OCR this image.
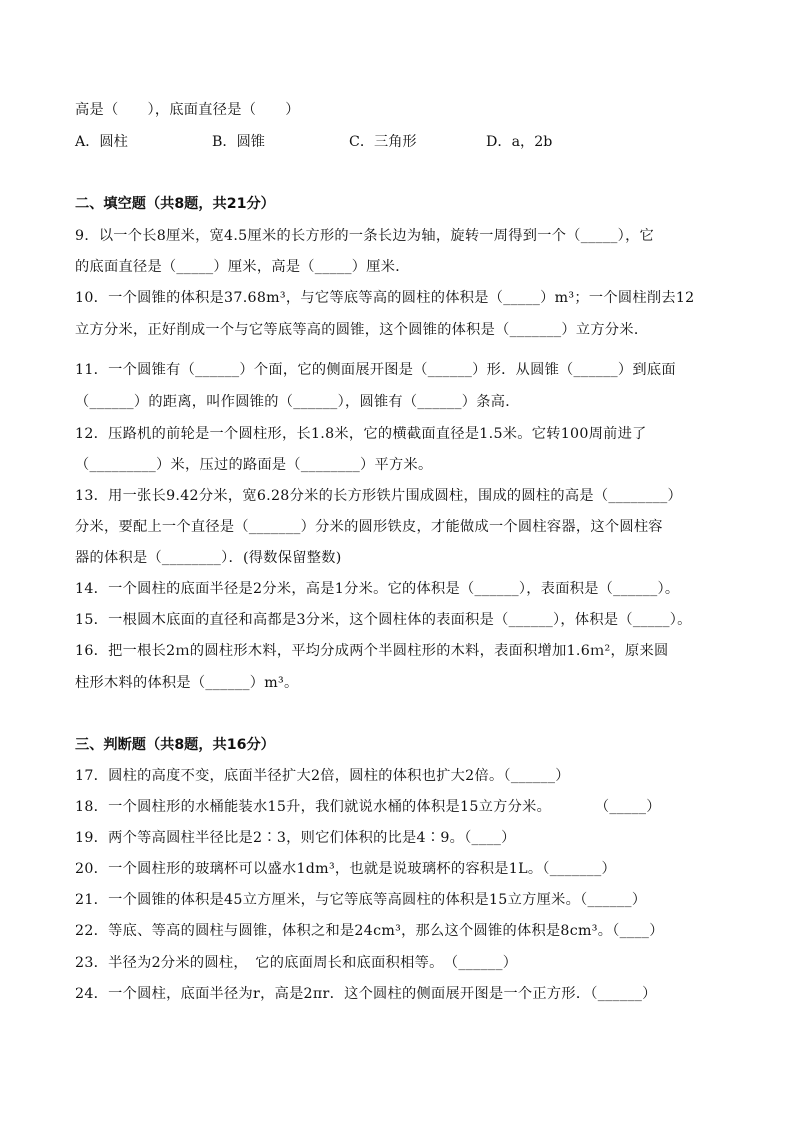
高是（　　），底面直径是（　　）
A．圆柱	B．圆锥	C．三角形	D．a，2b
二、填空题（共8题，共21分）
9．以一个长8厘米，宽4.5厘米的长方形的一条长边为轴，旋转一周得到一个（_____），它
的底面直径是（_____）厘米，高是（_____）厘米．
10．一个圆锥的体积是37.68m³，与它等底等高的圆柱的体积是（_____）m³；一个圆柱削去12
立方分米，正好削成一个与它等底等高的圆锥，这个圆锥的体积是（_______）立方分米．
11．一个圆锥有（______）个面，它的侧面展开图是（______）形．从圆锥（______）到底面
（______）的距离，叫作圆锥的（______），圆锥有（______）条高．
12．压路机的前轮是一个圆柱形，长1.8米，它的横截面直径是1.5米。它转100周前进了
（_________）米，压过的路面是（________）平方米。
13．用一张长9.42分米，宽6.28分米的长方形铁片围成圆柱，围成的圆柱的高是（________）
分米，要配上一个直径是（_______）分米的圆形铁皮，才能做成一个圆柱容器，这个圆柱容
器的体积是（________）．(得数保留整数)
14．一个圆柱的底面半径是2分米，高是1分米。它的体积是（______），表面积是（______）。
15．一根圆木底面的直径和高都是3分米，这个圆柱体的表面积是（______），体积是（_____）。
16．把一根长2ｍ的圆柱形木料，平均分成两个半圆柱形的木料，表面积增加1.6ｍ²，原来圆
柱形木料的体积是（______）m³。
三、判断题（共8题，共16分）
17．圆柱的高度不变，底面半径扩大2倍，圆柱的体积也扩大2倍。（______）
18．一个圆柱形的水桶能装水15升，我们就说水桶的体积是15立方分米。　　　　（_____）
19．两个等高圆柱半径比是2∶3，则它们体积的比是4∶9。（____）
20．一个圆柱形的玻璃杯可以盛水1dm³，也就是说玻璃杯的容积是1L。（_______）
21．一个圆锥的体积是45立方厘米，与它等底等高圆柱的体积是15立方厘米。（______）
22．等底、等高的圆柱与圆锥，体积之和是24cm³，那么这个圆锥的体积是8cm³。（____）
23．半径为2分米的圆柱，　它的底面周长和底面积相等。　（______）
24．一个圆柱，底面半径为r，高是2πr．这个圆柱的侧面展开图是一个正方形．（______）
